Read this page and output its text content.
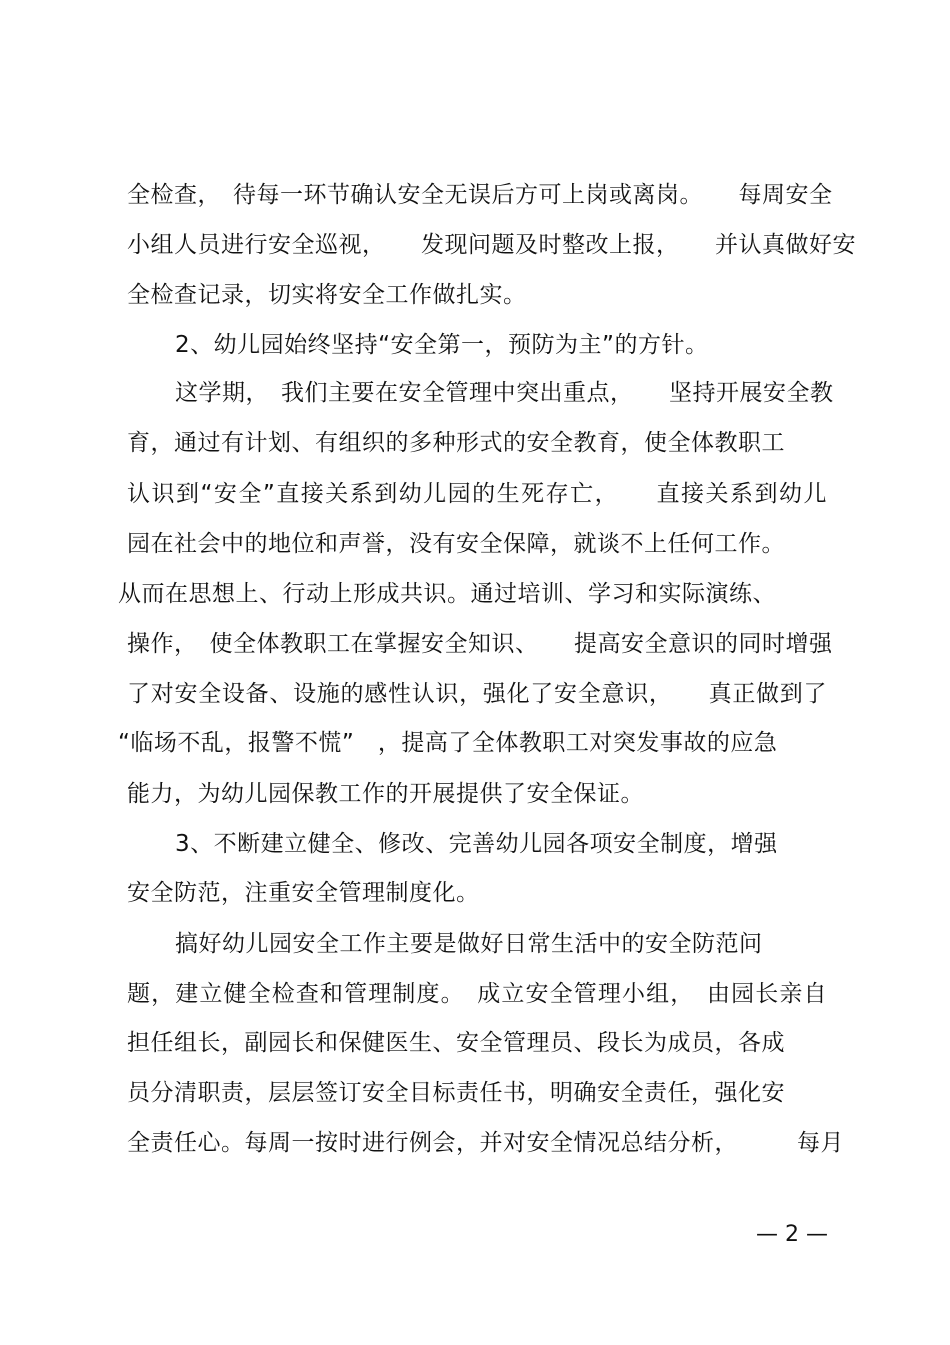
全检查，　待每一环节确认安全无误后方可上岗或离岗。　　每周安全
小组人员进行安全巡视，　　发现问题及时整改上报，　　并认真做好安
全检查记录，切实将安全工作做扎实。
2、幼儿园始终坚持“安全第一，预防为主”的方针。
这学期，　我们主要在安全管理中突出重点，　　坚持开展安全教
育，通过有计划、有组织的多种形式的安全教育，使全体教职工
认识到“安全”直接关系到幼儿园的生死存亡，　　直接关系到幼儿
园在社会中的地位和声誉，没有安全保障，就谈不上任何工作。
从而在思想上、行动上形成共识。通过培训、学习和实际演练、
操作，　使全体教职工在掌握安全知识、　　提高安全意识的同时增强
了对安全设备、设施的感性认识，强化了安全意识，　　真正做到了
“临场不乱，报警不慌”　，提高了全体教职工对突发事故的应急
能力，为幼儿园保教工作的开展提供了安全保证。
3、不断建立健全、修改、完善幼儿园各项安全制度，增强
安全防范，注重安全管理制度化。
搞好幼儿园安全工作主要是做好日常生活中的安全防范问
题，建立健全检查和管理制度。　成立安全管理小组，　由园长亲自
担任组长，副园长和保健医生、安全管理员、段长为成员，各成
员分清职责，层层签订安全目标责任书，明确安全责任，强化安
全责任心。每周一按时进行例会，并对安全情况总结分析，　　　每月
— 2 —
